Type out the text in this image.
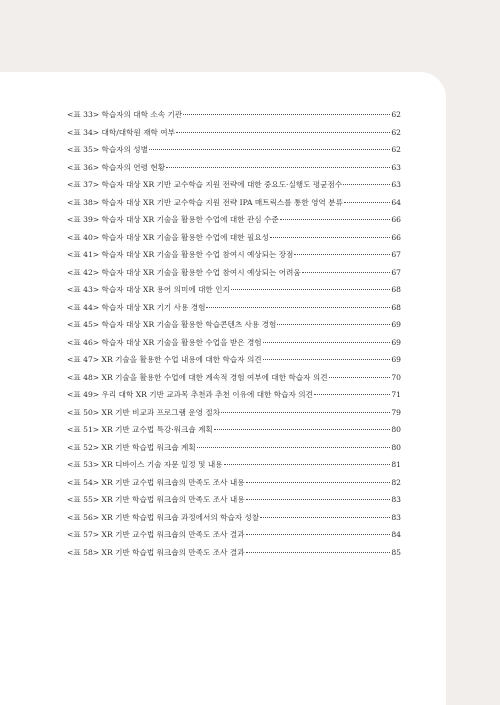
<표 33> 학습자의 대학 소속 기관	62
<표 34> 대학/대학원 재학 여부	62
<표 35> 학습자의 성별	62
<표 36> 학습자의 연령 현황	63
<표 37> 학습자 대상 XR 기반 교수학습 지원 전략에 대한 중요도·실행도 평균점수	63
<표 38> 학습자 대상 XR 기반 교수학습 지원 전략 IPA 매트릭스를 통한 영역 분류	64
<표 39> 학습자 대상 XR 기술을 활용한 수업에 대한 관심 수준	66
<표 40> 학습자 대상 XR 기술을 활용한 수업에 대한 필요성	66
<표 41> 학습자 대상 XR 기술을 활용한 수업 참여시 예상되는 장점	67
<표 42> 학습자 대상 XR 기술을 활용한 수업 참여시 예상되는 어려움	67
<표 43> 학습자 대상 XR 용어 의미에 대한 인지	68
<표 44> 학습자 대상 XR 기기 사용 경험	68
<표 45> 학습자 대상 XR 기술을 활용한 학습콘텐츠 사용 경험	69
<표 46> 학습자 대상 XR 기술을 활용한 수업을 받은 경험	69
<표 47> XR 기술을 활용한 수업 내용에 대한 학습자 의견	69
<표 48> XR 기술을 활용한 수업에 대한 계속적 경험 여부에 대한 학습자 의견	70
<표 49> 우리 대학 XR 기반 교과목 추천과 추천 이유에 대한 학습자 의견	71
<표 50> XR 기반 비교과 프로그램 운영 절차	79
<표 51> XR 기반 교수법 특강·워크숍 계획	80
<표 52> XR 기반 학습법 워크숍 계획	80
<표 53> XR 디바이스 기술 자문 일정 및 내용	81
<표 54> XR 기반 교수법 워크숍의 만족도 조사 내용	82
<표 55> XR 기반 학습법 워크숍의 만족도 조사 내용	83
<표 56> XR 기반 학습법 워크숍 과정에서의 학습자 성찰	83
<표 57> XR 기반 교수법 워크숍의 만족도 조사 결과	84
<표 58> XR 기반 학습법 워크숍의 만족도 조사 결과	85
